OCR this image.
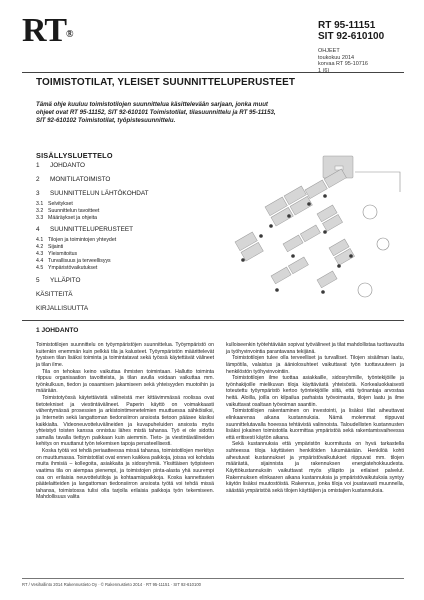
RT®
RT 95-11151
SIT 92-610100
OHJEET
toukokuu 2014
korvaa RT 95-10716
1 (6)
TOIMISTOTILAT, YLEISET SUUNNITTELUPERUSTEET
Tämä ohje kuuluu toimistotilojen suunnittelua käsittelevään sarjaan, jonka muut ohjeet ovat RT 95-11152, SIT 92-610101 Toimistotilat, tilasuunnittelu ja RT 95-11153, SIT 92-610102 Toimistotilat, työpistesuunnittelu.
SISÄLLYSLUETTELO
1 JOHDANTO
2 MONITILATOIMISTO
3 SUUNNITTELUN LÄHTÖKOHDAT
3.1 Selvitykset
3.2 Suunnittelun tavoitteet
3.3 Määräykset ja ohjeita
4 SUUNNITTELUPERUSTEET
4.1 Tilojen ja toimintojen yhteydet
4.2 Sijainti
4.3 Yleismitoitus
4.4 Turvallisuus ja terveellisyys
4.5 Ympäristövaikutukset
5 YLLÄPITO
KÄSITTEITÄ
KIRJALLISUUTTA
1 JOHDANTO

Toimistotilojen suunnittelu on työympäristöjen suunnittelua. Työympäristö on kuitenkin enemmän kuin pelkkä tila ja kalusteet. Työympäristön määrittelevät fyysisen tilan lisäksi toiminta ja toimintatavat sekä työssä käytettävät välineet ja tilan ilme.

Tila on tehokas keino vaikuttaa ihmisten toimintaan. Hallutto toiminta riippuu organisaation tavoitteista, ja tilan avulla voidaan vaikuttaa mm. työnkulkuun, tiedon ja osaamisen jakamiseen sekä yhteisyyden muotoihin ja määrään.

Toimistotyössä käytettävistä välineistä mer kittävimmässä roolissa ovat tietotekniset ja viestintävälineet. Paperin käyttö on voimakkaasti vähentymässä prosessien ja arkistointimenetelmien muuttuessa sähköisiksi, ja Internetin sekä langattoman tiedonsiirron ansiosta tietoon pääsee käsiksi kaikkialta. Videoneuvotteluvälineiden ja kuvapuheluiden ansiosta myös yhteistyö toisten kanssa onnistuu lähes mistä tahansa. Työ ei ole sidottu samalla tavalla tiettyyn paikkaan kuin aiemmin. Tieto- ja viestintävälineiden kehitys on muuttanut työn tekemisen tapoja perusteellisesti.

Koska työtä voi tehdä periaatteessa missä tahansa, toimistotilojen merkitys on muuttumassa. Toimistotilat ovat ennen kaikkea paikkoja, joissa voi kohdata muita ihmisiä – kollegoita, asiakkaita ja sidosryhmiä. Yksittäisen työpisteen vaatima tila on aiempaa pienempi, ja toimistojen pinta-alasta yhä suurempi osa on erilaisia neuvottelutiloja ja kohtaamispaikkoja. Koska kannettavien päätelaitteiden ja langattoman tiedonsiirron ansiosta työtä voi tehdä missä tahansa, toimistossa tulisi olla tarjolla erilaisia paikkoja työn tekemiseen. Mahdollisuus valita

kulloiseenkin työtehtävään sopivat työvälineet ja tilat mahdollistaa tuottavuutta ja työhyvinvointia parantavana tekijänä.

Toimistotilojen tulee olla terveelliset ja turvalliset. Tilojen sisäilman laatu, lämpötila, valaistus ja ääniolosuhteet vaikuttavat työn tuottavuuteen ja henkilöstön työhyvinvointiin.

Toimistotilojen ilme tuottaa asiakkaille, sidosryhmille, työntekijöille ja työnhakijoille mielikuvan tiloja käyttävästä yhteisöstä. Korkealuokkaisesti toteutettu työympäristö kertoo työntekijöille siitä, että työnantaja arvostaa heitä. Aloilla, joilla on kilpailua parhaista työvoimasta, tilojen laatu ja ilme vaikuttavat osaltaan työvoiman saantiin.

Toimistotilojen rakentaminen on investointi, ja lisäksi tilat aiheuttavat elinkaarensa aikana kustannuksia. Nämä molemmat riippuvat suunnittelutavalla hoeessa tehtävistä valinnoista. Taloudellisten kustannusten lisäksi jokainen toimistotila kuormittaa ympäristöä sekä rakentamisvaiheessa että eritisesti käytön aikana.

Sekä kustannuksia että ympäristön kuormitusta on hyvä tarkastella suhteessa tiloja käyttävien henkilöiden lukumäärään. Henkilöä kohti aiheutuvat kustannukset ja ympäristövaikutukset riippuvat mm. tilojen määrästä, sijainnista ja rakennuksen energiatehokkuudesta. Käyttökustannuksiin vaikuttavat myös ylläpito ja erilaiset palvelut. Rakennuksen elinkaaren aikana kustannuksia ja ympäristövaikutuksia syntyy käytön lisäksi muutostöistä. Rakennus, jonka tiloja voi joustavasti muunnella, säästää ympäristöä sekä tilojen käyttäjien ja omistajien kustannuksia.

RT / Vesihallinto 2014 Rakennustieto Oy · © Rakennustieto 2014 · RT 95-11151 · SIT 92-610100
